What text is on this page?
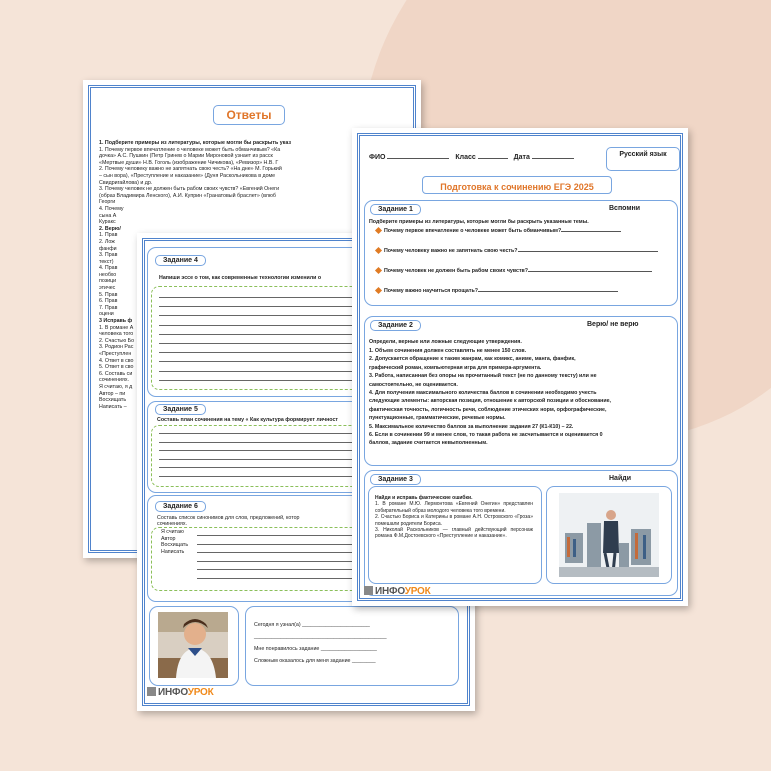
Ответы
1. Подберите примеры из литературы, которые могли бы раскрыть указ
1. Почему первое впечатление о человеке может быть обманчивым? «Ка
дочка» А.С. Пушкин (Петр Гринев о Марии Мироновой узнает из расск
«Мертвые души» Н.В. Гоголь (изображение Чичикова), «Ревизор» Н.В. Г
2. Почему человеку важно не запятнать свою честь? «На дне» М. Горький
– сын вора), «Преступление и наказание» (Дуня Раскольникова в доме
Свидригайлова) и др.
3. Почему человек не должен быть рабом своих чувств? «Евгений Онеги
(образ Владимира Ленского), А.И. Куприн «Гранатовый браслет» (влюб
Георги
4. Почему
сына А
Куракс
2. Верю/
1. Прав
2. Лож
фанфи
3. Прав
текст)
4. Прав
необхо
позици
этичес
5. Прав
6. Прав
7. Прав
оцени
3 Исправь ф
1. В романе А
человека того
2. Счастью Бо
3. Родион Рас
«Преступлен
4. Ответ в сво
5. Ответ в сво
6. Составь си
сочинениях.
Я считаю, я д
Автор – пи
Восхищать
Написать –
Задание 4
Напиши эссе о том, как современные технологии изменили о
Задание 5
Составь план сочинения на тему « Как культура формирует личност
Задание 6
Составь список синонимов для слов, предложений, котор
сочинениях.
Я считаю
Автор
Восхищать
Написать
Сегодня я узнал(а) _______________________
_____________________________________________
Мне понравилось задание ___________________
Сложным оказалось для меня задание ________
ИНФОУРОК
ФИО	Класс	Дата	Русский язык
Подготовка к сочинению ЕГЭ 2025
Задание 1	Вспомни
Подберите примеры из литературы, которые могли бы раскрыть указанные темы.
Почему первое впечатление о человеке может быть обманчивым?
Почему человеку важно не запятнать свою честь?
Почему человек не должен быть рабом своих чувств?
Почему важно научиться прощать?
Задание 2	Верю/ не верю
Определи, верные или ложные следующие утверждения.
1. Объем сочинения должен составлять не менее 150 слов.
2. Допускается обращение к таким жанрам, как комикс, аниме, манга, фанфик,
графический роман, компьютерная игра для примера-аргумента.
3. Работа, написанная без опоры на прочитанный текст (не по данному тексту) или не
самостоятельно, не оценивается.
4. Для получения максимального количества баллов в сочинении необходимо учесть
следующие элементы: авторская позиция, отношение к авторской позиции и обоснование,
фактическая точность, логичность речи, соблюдение этических норм, орфографические,
пунктуационные, грамматические, речевые нормы.
5. Максимальное количество баллов за выполнение задания 27 (К1-К10) – 22.
6. Если в сочинении 99 и менее слов, то такая работа не засчитывается и оценивается 0
баллов, задание считается невыполненным.
Задание 3	Найди
Найди и исправь фактические ошибки.
1. В романе М.Ю. Лермонтова «Евгений Онегин» представлен собирательный образ молодого человека того времени.
2. Счастью Бориса и Катерины в романе А.Н. Островского «Гроза» помешали родители Бориса.
3. Николай Раскольников — главный действующий персонаж романа Ф.М.Достоевского «Преступление и наказание».
ИНФОУРОК
